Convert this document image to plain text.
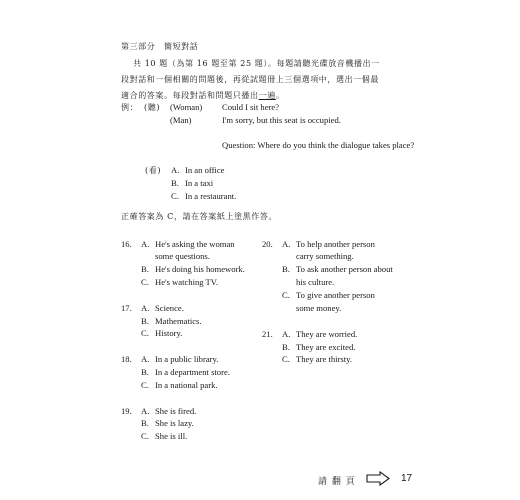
第三部分　簡短對話
共 10 題（為第 16 題至第 25 題）。每題請聽光碟放音機播出一
段對話和一個相關的問題後，再從試題冊上三個選項中，選出一個最
適合的答案。每段對話和問題只播出一遍。
例： (聽) (Woman) Could I sit here?
(Man)	I'm sorry, but this seat is occupied.
Question: Where do you think the dialogue takes place?
(看) A. In an office
B. In a taxi
C. In a restaurant.
正確答案為 C，請在答案紙上塗黑作答。
16. A. He's asking the woman
some questions.
B. He's doing his homework.
C. He's watching TV.
17. A. Science.
B. Mathematics.
C. History.
18. A. In a public library.
B. In a department store.
C. In a national park.
19. A. She is fired.
B. She is lazy.
C. She is ill.
20. A. To help another person
carry something.
B. To ask another person about
his culture.
C. To give another person
some money.
21. A. They are worried.
B. They are excited.
C. They are thirsty.
請 翻 頁	17
